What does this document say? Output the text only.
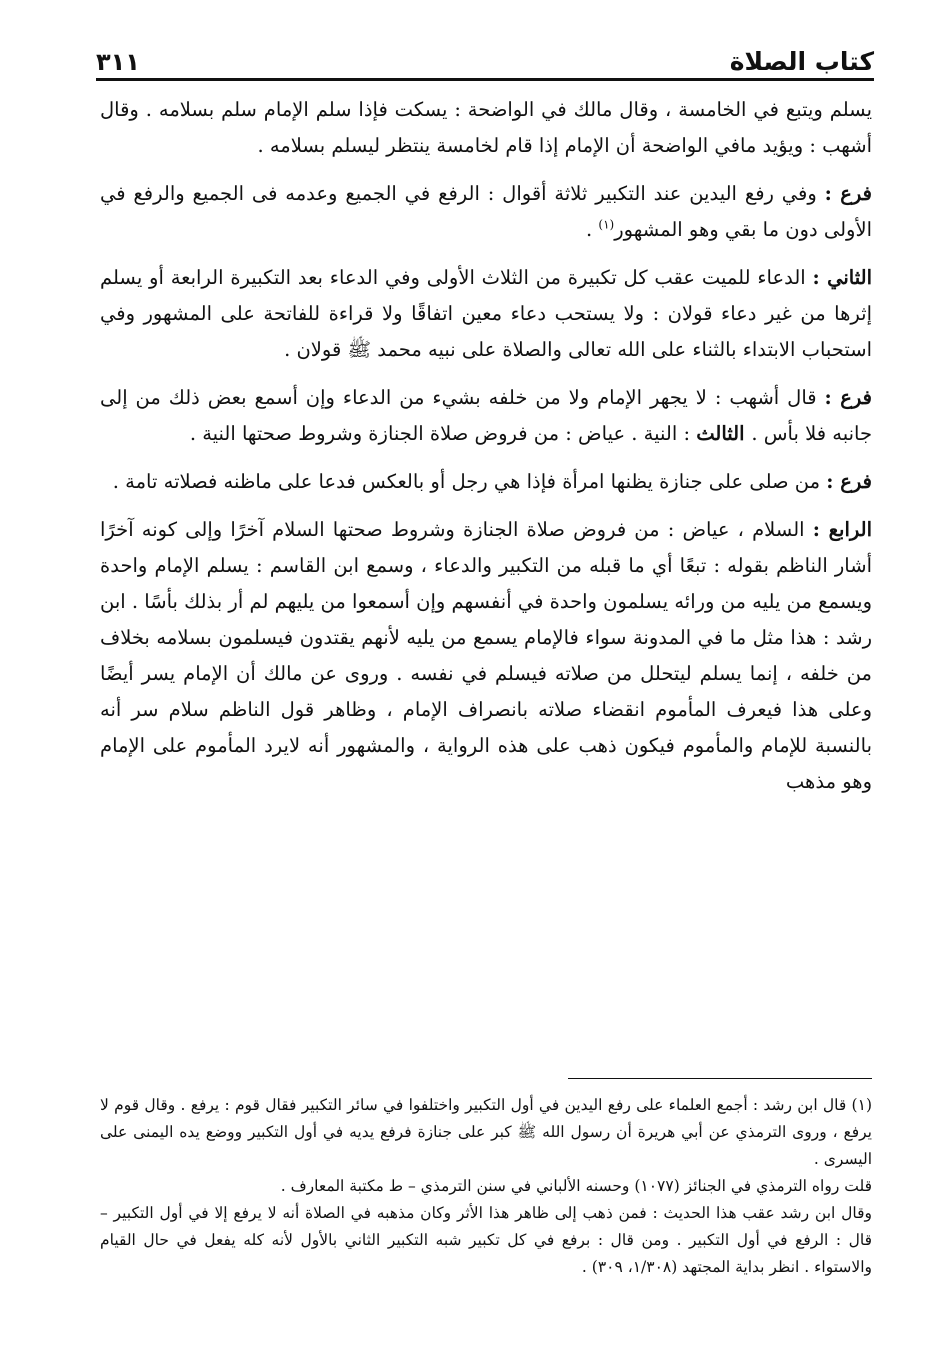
كتاب الصلاة
٣١١

يسلم ويتبع في الخامسة ، وقال مالك في الواضحة : يسكت فإذا سلم الإمام سلم بسلامه . وقال أشهب : ويؤيد مافي الواضحة أن الإمام إذا قام لخامسة ينتظر ليسلم بسلامه .

فرع : وفي رفع اليدين عند التكبير ثلاثة أقوال : الرفع في الجميع وعدمه فى الجميع والرفع في الأولى دون ما بقي وهو المشهور$^{(١)}$ .

الثاني : الدعاء للميت عقب كل تكبيرة من الثلاث الأولى وفي الدعاء بعد التكبيرة الرابعة أو يسلم إثرها من غير دعاء قولان : ولا يستحب دعاء معين اتفاقًا ولا قراءة للفاتحة على المشهور وفي استحباب الابتداء بالثناء على الله تعالى والصلاة على نبيه محمد ﷺ قولان .

فرع : قال أشهب : لا يجهر الإمام ولا من خلفه بشيء من الدعاء وإن أسمع بعض ذلك من إلى جانبه فلا بأس . الثالث : النية . عياض : من فروض صلاة الجنازة وشروط صحتها النية .

فرع : من صلى على جنازة يظنها امرأة فإذا هي رجل أو بالعكس فدعا على ماظنه فصلاته تامة .

الرابع : السلام ، عياض : من فروض صلاة الجنازة وشروط صحتها السلام آخرًا وإلى كونه آخرًا أشار الناظم بقوله : تبعًا أي ما قبله من التكبير والدعاء ، وسمع ابن القاسم : يسلم الإمام واحدة ويسمع من يليه من ورائه يسلمون واحدة في أنفسهم وإن أسمعوا من يليهم لم أر بذلك بأسًا . ابن رشد : هذا مثل ما في المدونة سواء فالإمام يسمع من يليه لأنهم يقتدون فيسلمون بسلامه بخلاف من خلفه ، إنما يسلم ليتحلل من صلاته فيسلم في نفسه . وروى عن مالك أن الإمام يسر أيضًا وعلى هذا فيعرف المأموم انقضاء صلاته بانصراف الإمام ، وظاهر قول الناظم سلام سر أنه بالنسبة للإمام والمأموم فيكون ذهب على هذه الرواية ، والمشهور أنه لايرد المأموم على الإمام وهو مذهب

(١) قال ابن رشد : أجمع العلماء على رفع اليدين في أول التكبير واختلفوا في سائر التكبير فقال قوم : يرفع . وقال قوم لا يرفع ، وروى الترمذي عن أبي هريرة أن رسول الله ﷺ كبر على جنازة فرفع يديه في أول التكبير ووضع يده اليمنى على اليسرى .

قلت رواه الترمذي في الجنائز (١٠٧٧) وحسنه الألباني في سنن الترمذي – ط مكتبة المعارف .

وقال ابن رشد عقب هذا الحديث : فمن ذهب إلى ظاهر هذا الأثر وكان مذهبه في الصلاة أنه لا يرفع إلا في أول التكبير – قال : الرفع في أول التكبير . ومن قال : برفع في كل تكبير شبه التكبير الثاني بالأول لأنه كله يفعل في حال القيام والاستواء . انظر بداية المجتهد (١/٣٠٨، ٣٠٩) .
